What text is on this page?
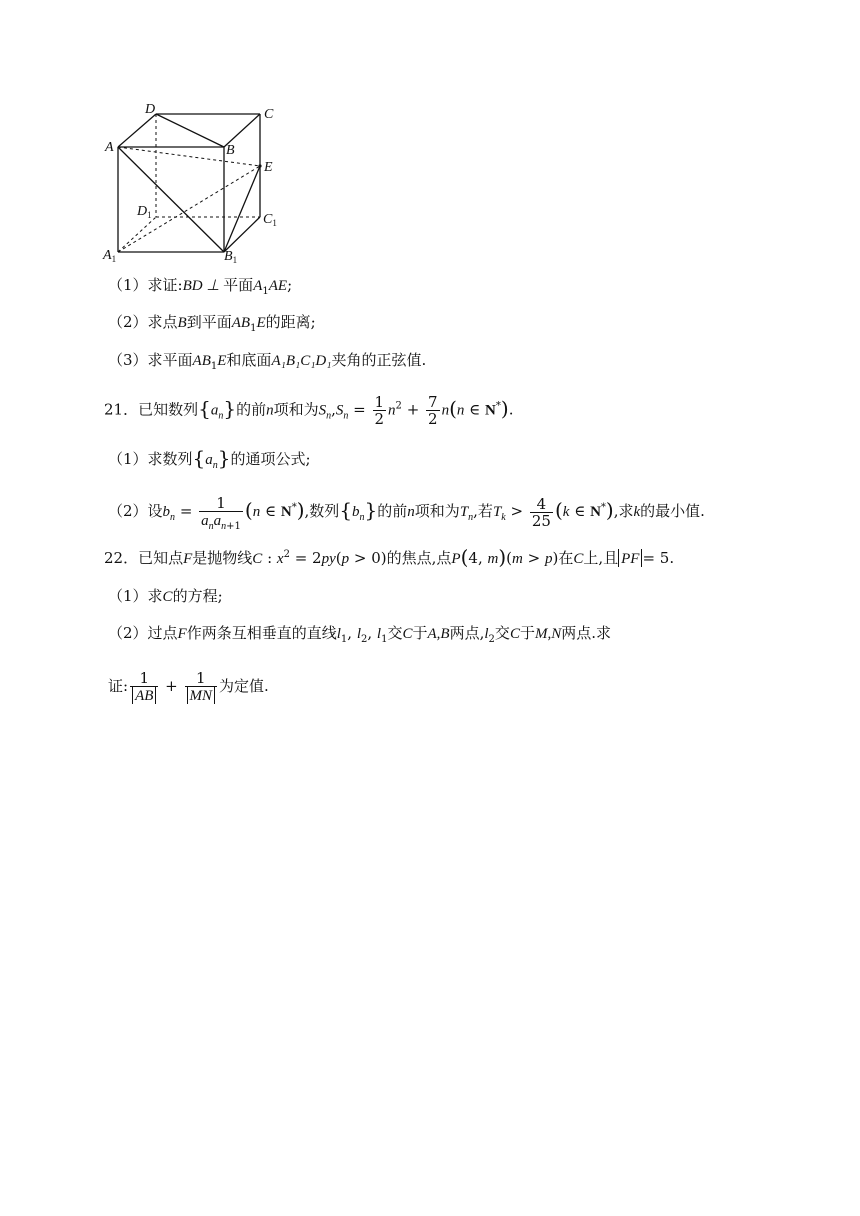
D	C
A	B
E
$D_1$	$C_1$
$A_1$	$B_1$
（1）求证:BD ⊥ 平面$A_1AE$;
（2）求点B到平面$AB_1E$的距离;
（3）求平面$AB_1E$和底面A₁B₁C₁D₁夹角的正弦值.
21．已知数列$\{a_n\}$的前n项和为$S_n,S_n = \frac{1}{2} n^2 + \frac{7}{2} n(n$ ∈ N*).
（1）求数列$\{a_n\}$的通项公式;
（2）设$b_n = \frac{1}{a_na_{n+1}} (n$ ∈ N*),数列$\{b_n\}$的前n项和为$T_n$,若$T_k > \frac{4}{25} (k$ ∈ N*),求k的最小值.
22．已知点F是抛物线C : $x^2 = 2py(p > 0)$的焦点,点P(4, m)(m > p)在C上,且 PF = 5.
（1）求C的方程;
（2）过点F作两条互相垂直的直线$l_1$, $l_2$, $l_1$交C于A,B两点$,l_2$交C于M,N两点.求
证: $\frac{1}{AB} + \frac{1}{MN}$ 为定值.
